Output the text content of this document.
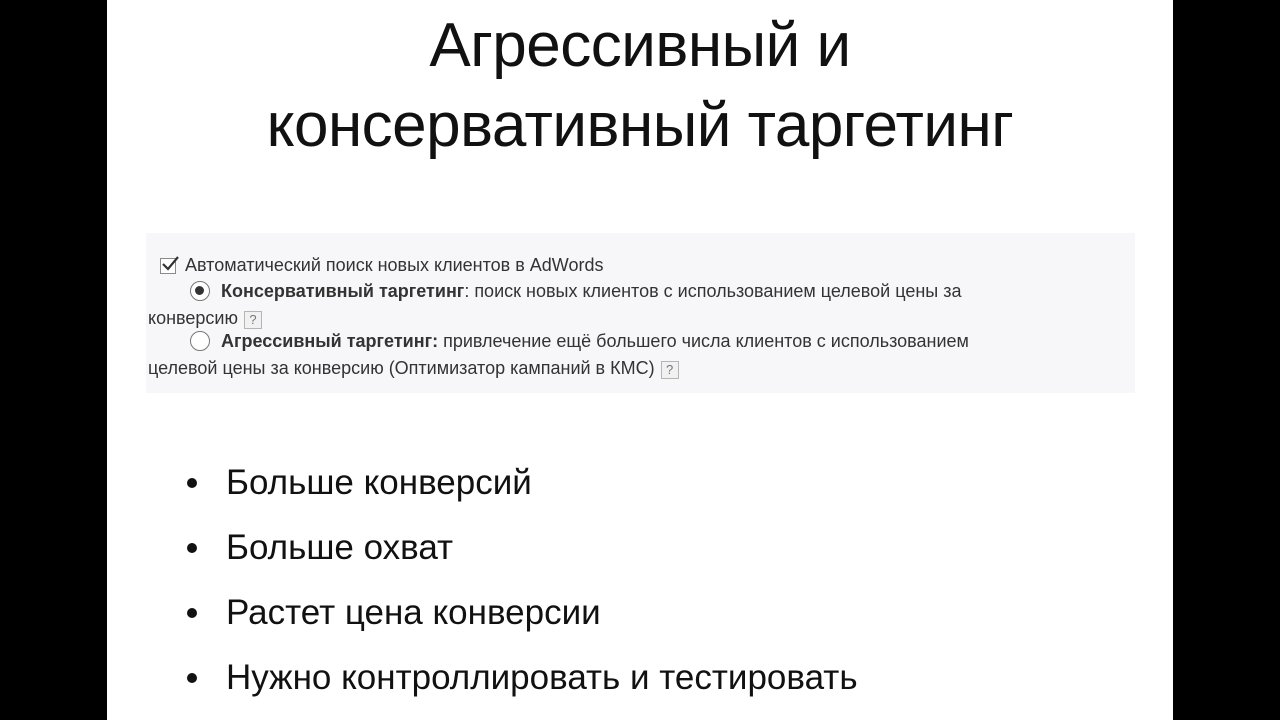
Агрессивный и
консервативный таргетинг
Автоматический поиск новых клиентов в AdWords
Консервативный таргетинг: поиск новых клиентов с использованием целевой цены за
конверсию ?
Агрессивный таргетинг: привлечение ещё большего числа клиентов с использованием
целевой цены за конверсию (Оптимизатор кампаний в КМС) ?
Больше конверсий
Больше охват
Растет цена конверсии
Нужно контроллировать и тестировать
